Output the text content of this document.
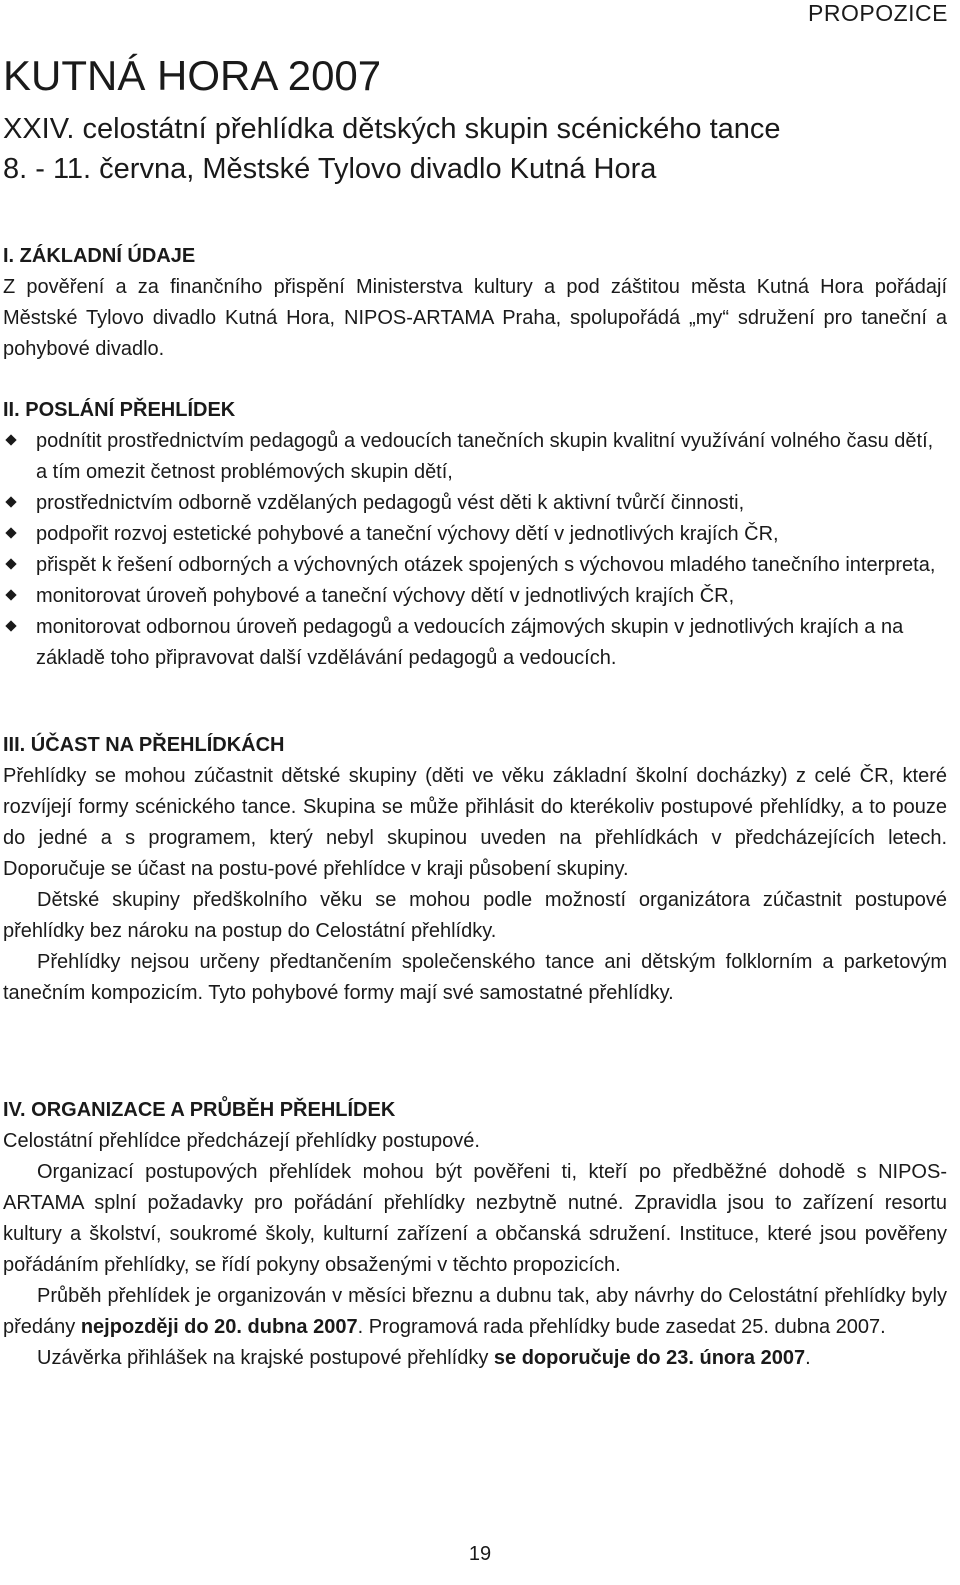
PROPOZICE
KUTNÁ HORA 2007
XXIV. celostátní přehlídka dětských skupin scénického tance
8. - 11. června, Městské Tylovo divadlo Kutná Hora
I. ZÁKLADNÍ ÚDAJE

Z pověření a za finančního přispění Ministerstva kultury a pod záštitou města Kutná Hora pořádají Městské Tylovo divadlo Kutná Hora, NIPOS-ARTAMA Praha, spolupořádá „my“ sdružení pro taneční a pohybové divadlo.

II. POSLÁNÍ PŘEHLÍDEK
podnítit prostřednictvím pedagogů a vedoucích tanečních skupin kvalitní využívání volného času dětí, a tím omezit četnost problémových skupin dětí,
prostřednictvím odborně vzdělaných pedagogů vést děti k aktivní tvůrčí činnosti,
podpořit rozvoj estetické pohybové a taneční výchovy dětí v jednotlivých krajích ČR,
přispět k řešení odborných a výchovných otázek spojených s výchovou mladého tanečního interpreta,
monitorovat úroveň pohybové a taneční výchovy dětí v jednotlivých krajích ČR,
monitorovat odbornou úroveň pedagogů a vedoucích zájmových skupin v jednotlivých krajích a na základě toho připravovat další vzdělávání pedagogů a vedoucích.
III. ÚČAST NA PŘEHLÍDKÁCH

Přehlídky se mohou zúčastnit dětské skupiny (děti ve věku základní školní docházky) z celé ČR, které rozvíjejí formy scénického tance. Skupina se může přihlásit do kterékoliv postupové přehlídky, a to pouze do jedné a s programem, který nebyl skupinou uveden na přehlídkách v předcházejících letech. Doporučuje se účast na postu-pové přehlídce v kraji působení skupiny.

Dětské skupiny předškolního věku se mohou podle možností organizátora zúčastnit postupové přehlídky bez nároku na postup do Celostátní přehlídky.

Přehlídky nejsou určeny předtančením společenského tance ani dětským folklorním a parketovým tanečním kompozicím. Tyto pohybové formy mají své samostatné přehlídky.

IV. ORGANIZACE A PRŮBĚH PŘEHLÍDEK

Celostátní přehlídce předcházejí přehlídky postupové.

Organizací postupových přehlídek mohou být pověřeni ti, kteří po předběžné dohodě s NIPOS-ARTAMA splní požadavky pro pořádání přehlídky nezbytně nutné. Zpravidla jsou to zařízení resortu kultury a školství, soukromé školy, kulturní zařízení a občanská sdružení. Instituce, které jsou pověřeny pořádáním přehlídky, se řídí pokyny obsaženými v těchto propozicích.

Průběh přehlídek je organizován v měsíci březnu a dubnu tak, aby návrhy do Celostátní přehlídky byly předány nejpozději do 20. dubna 2007. Programová rada přehlídky bude zasedat 25. dubna 2007.

Uzávěrka přihlášek na krajské postupové přehlídky se doporučuje do 23. února 2007.

19
